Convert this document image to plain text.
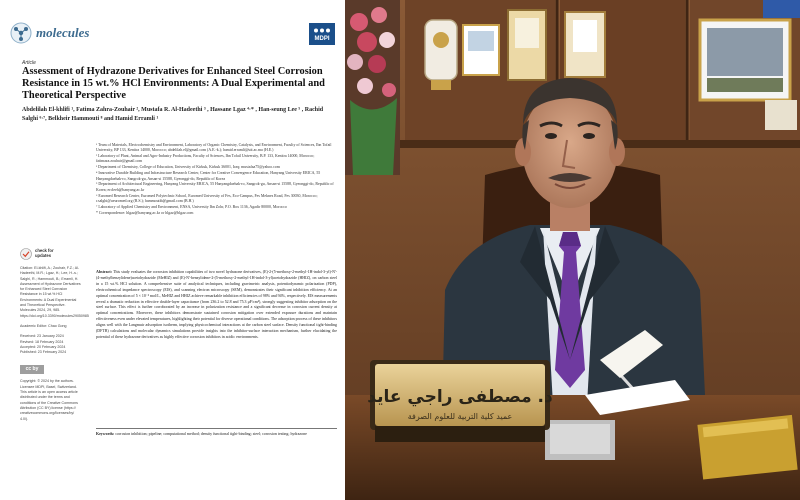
molecules	MDPI
Article
Assessment of Hydrazone Derivatives for Enhanced Steel Corrosion Resistance in 15 wt.% HCl Environments: A Dual Experimental and Theoretical Perspective
Abdelilah El-khlifi ¹, Fatima Zahra-Zouhair ², Mustafa R. Al-Hadeethi ³ , Hassane Lgaz ⁴·* , Han-seung Lee ⁵ , Rachid Salghi ⁶·⁷, Belkheir Hammouti ⁸ and Hamid Erramli ¹
¹ Team of Materials, Electrochemistry and Environment, Laboratory of Organic Chemistry, Catalysis, and Environment, Faculty of Sciences, Ibn Tofail University, BP 133, Kenitra 14000, Morocco; abdelilah.el@gmail.com (A.E.-k.); hamid.erramli@uit.ac.ma (H.E.)
² Laboratory of Plant, Animal and Agro-Industry Productions, Faculty of Sciences, Ibn Tofail University, B.P. 133, Kenitra 14000, Morocco; fatimaza.zouhair@gmail.com
³ Department of Chemistry, College of Education, University of Kirkuk, Kirkuk 36001, Iraq; mustafaa75@yahoo.com
⁴ Innovative Durable Building and Infrastructure Research Center, Center for Creative Convergence Education, Hanyang University ERICA, 55 Hanyangdaehak-ro, Sangrok-gu, Ansan-si 15588, Gyeonggi-do, Republic of Korea
⁵ Department of Architectural Engineering, Hanyang University ERICA, 55 Hanyangdaehak-ro, Sangrok-gu, Ansan-si 15588, Gyeonggi-do, Republic of Korea; ercleeh@hanyang.ac.kr
⁶ Euromed Research Center, Euromed Polytechnic School, Euromed University of Fes, Eco-Campus, Fes Meknes Road, Fes 30030, Morocco; r.salghi@ueuromed.org (R.S.); hammoutib@gmail.com (B.H.)
⁷ Laboratory of Applied Chemistry and Environment, ENSA, University Ibn Zohr, P.O. Box 1136, Agadir 80000, Morocco
* Correspondence: hlgaz@hanyang.ac.kr or hlgaz@hlgaz.com
check for
updates
Citation: El-khlifi, A.; Zouhair, F.Z.; Al-Hadeethi, M.R.; Lgaz, H.; Lee, H.-s.; Salghi, R.; Hammouti, B.; Erramli, H. Assessment of Hydrazone Derivatives for Enhanced Steel Corrosion Resistance in 15 wt.% HCl Environments: A Dual Experimental and Theoretical Perspective. Molecules 2024, 29, 985. https://doi.org/10.3390/molecules29050985
Academic Editor: Chao Gong
Received: 23 January 2024
Revised: 18 February 2024
Accepted: 20 February 2024
Published: 23 February 2024
cc by
Copyright: © 2024 by the authors. Licensee MDPI, Basel, Switzerland. This article is an open access article distributed under the terms and conditions of the Creative Commons Attribution (CC BY) license (https:// creativecommons.org/licenses/by/ 4.0/).
Abstract: This study evaluates the corrosion inhibition capabilities of two novel hydrazone derivatives, (E)-2-(5-methoxy-2-methyl-1H-indol-3-yl)-N'-(4-methylbenzylidene)acetohydrazide (MeHIZ) and (E)-N'-benzylidene-2-(5-methoxy-2-methyl-1H-indol-3-yl)acetohydrazide (HHIZ), on carbon steel in a 15 wt.% HCl solution. A comprehensive suite of analytical techniques, including gravimetric analysis, potentiodynamic polarization (PDP), electrochemical impedance spectroscopy (EIS), and scanning electron microscopy (SEM), demonstrates their significant inhibition efficiency. At an optimal concentration of 5 × 10⁻³ mol/L, MeHIZ and HHIZ achieve remarkable inhibition efficiencies of 98% and 94%, respectively. EIS measurements reveal a dramatic reduction in effective double-layer capacitance (from 236.2 to 52.8 and 75.3 μF/cm²), strongly suggesting inhibitor adsorption on the steel surface. This effect is further corroborated by an increase in polarization resistance and a significant decrease in corrosion current density at optimal concentrations. Moreover, these inhibitors demonstrate sustained corrosion mitigation over extended exposure durations and maintain effectiveness even under elevated temperatures, highlighting their potential for diverse operational conditions. The adsorption process of these inhibitors aligns well with the Langmuir adsorption isotherm, implying physicochemical interactions at the carbon steel surface. Density functional tight-binding (DFTB) calculations and molecular dynamics simulations provide insights into the inhibitor-surface interaction mechanism, further elucidating the potential of these hydrazone derivatives as highly effective corrosion inhibitors in acidic environments.
Keywords: corrosion inhibition; pipeline; computational method; density functional tight-binding; steel; corrosion testing; hydrazone
د. مصطفى راجي عايد
عميد كلية التربية للعلوم الصرفة
